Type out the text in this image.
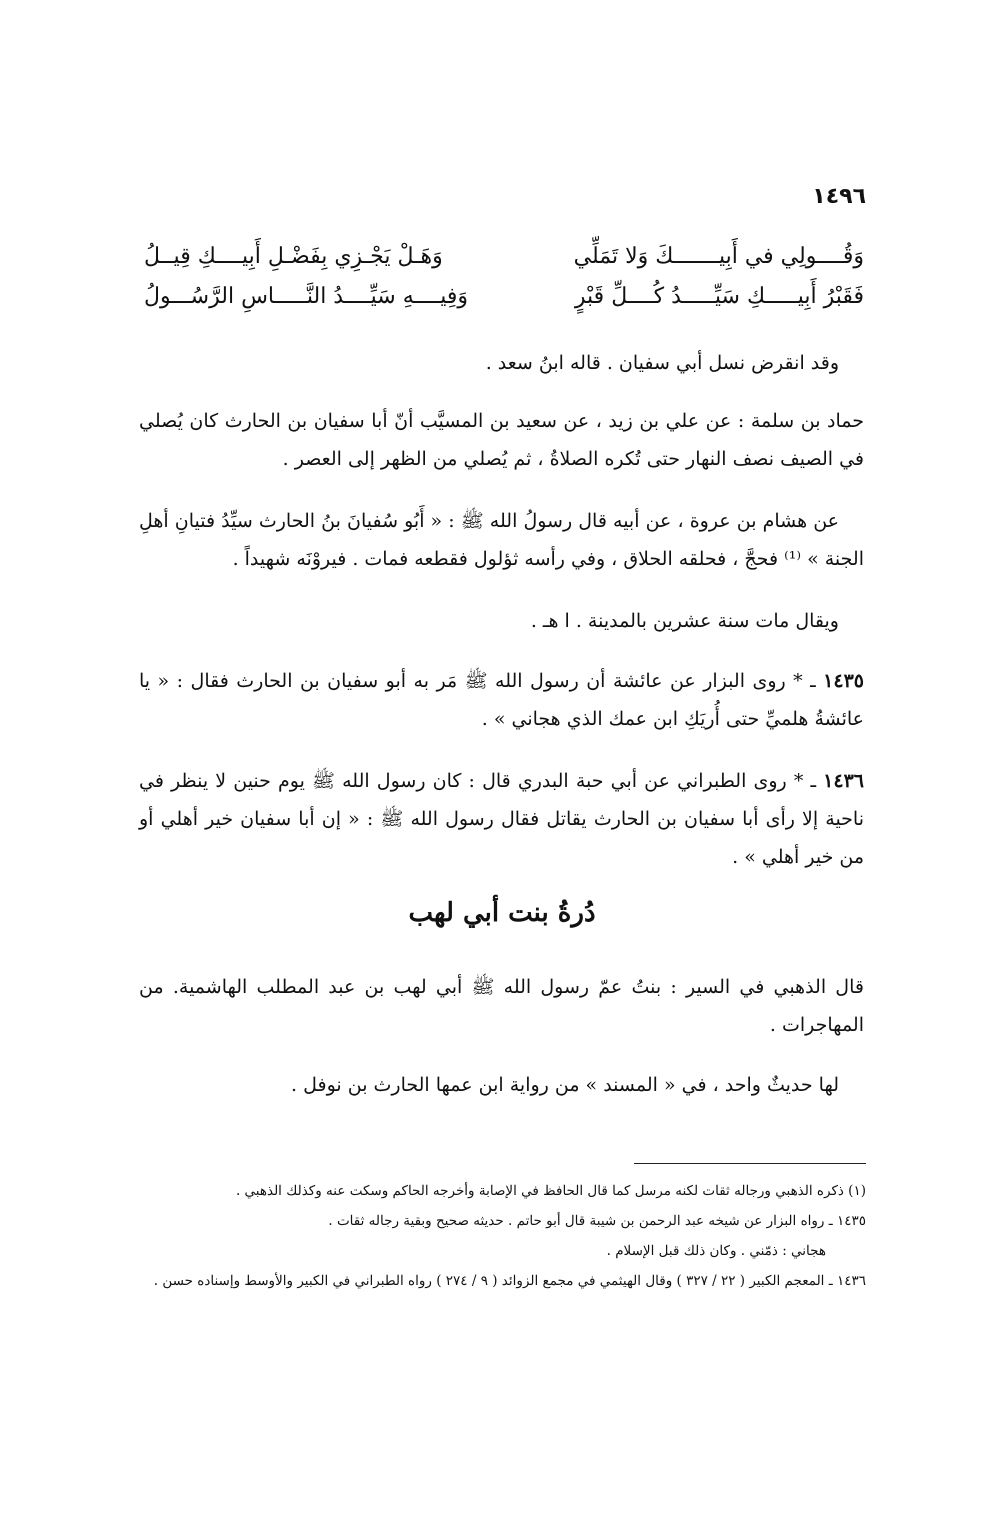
١٤٩٦
وَقُــــولِي في أَبِيـــــــكَ وَلا تَمَلِّي
وَهَـلْ يَجْـزِي بِفَضْـلِ أَبِيــــكِ قِيــلُ
فَقَبْرُ أَبِيـــــكِ سَيِّـــــدُ كُــــلِّ قَبْرٍ
وَفِيــــهِ سَيِّــــدُ النَّـــــاسِ الرَّسُـــولُ
وقد انقرض نسل أبي سفيان . قاله ابنُ سعد .
حماد بن سلمة : عن علي بن زيد ، عن سعيد بن المسيَّب أنّ أبا سفيان بن الحارث كان يُصلي في الصيف نصف النهار حتى تُكره الصلاةُ ، ثم يُصلي من الظهر إلى العصر .
عن هشام بن عروة ، عن أبيه قال رسولُ الله ﷺ : « أَبُو سُفيانَ بنُ الحارث سيِّدُ فتيانِ أهلِ الجنة » ⁽¹⁾ فحجَّ ، فحلقه الحلاق ، وفي رأسه ثؤلول فقطعه فمات . فيروْنَه شهيداً .
ويقال مات سنة عشرين بالمدينة . ا هـ .
١٤٣٥ ـ * روى البزار عن عائشة أن رسول الله ﷺ مَر به أبو سفيان بن الحارث فقال : « يا عائشةُ هلميِّ حتى أُريَكِ ابن عمك الذي هجاني » .
١٤٣٦ ـ * روى الطبراني عن أبي حبة البدري قال : كان رسول الله ﷺ يوم حنين لا ينظر في ناحية إلا رأى أبا سفيان بن الحارث يقاتل فقال رسول الله ﷺ : « إن أبا سفيان خير أهلي أو من خير أهلي » .
دُرةُ بنت أبي لهب
قال الذهبي في السير : بنتُ عمّ رسول الله ﷺ أبي لهب بن عبد المطلب الهاشمية. من المهاجرات .
لها حديثٌ واحد ، في « المسند » من رواية ابن عمها الحارث بن نوفل .
(١) ذكره الذهبي ورجاله ثقات لكنه مرسل كما قال الحافظ في الإصابة وأخرجه الحاكم وسكت عنه وكذلك الذهبي .
١٤٣٥ ـ رواه البزار عن شيخه عبد الرحمن بن شيبة قال أبو حاتم . حديثه صحيح وبقية رجاله ثقات .
هجاني : ذمّني . وكان ذلك قبل الإسلام .
١٤٣٦ ـ المعجم الكبير ( ٢٢ / ٣٢٧ ) وقال الهيثمي في مجمع الزوائد ( ٩ / ٢٧٤ ) رواه الطبراني في الكبير والأوسط وإسناده حسن .
